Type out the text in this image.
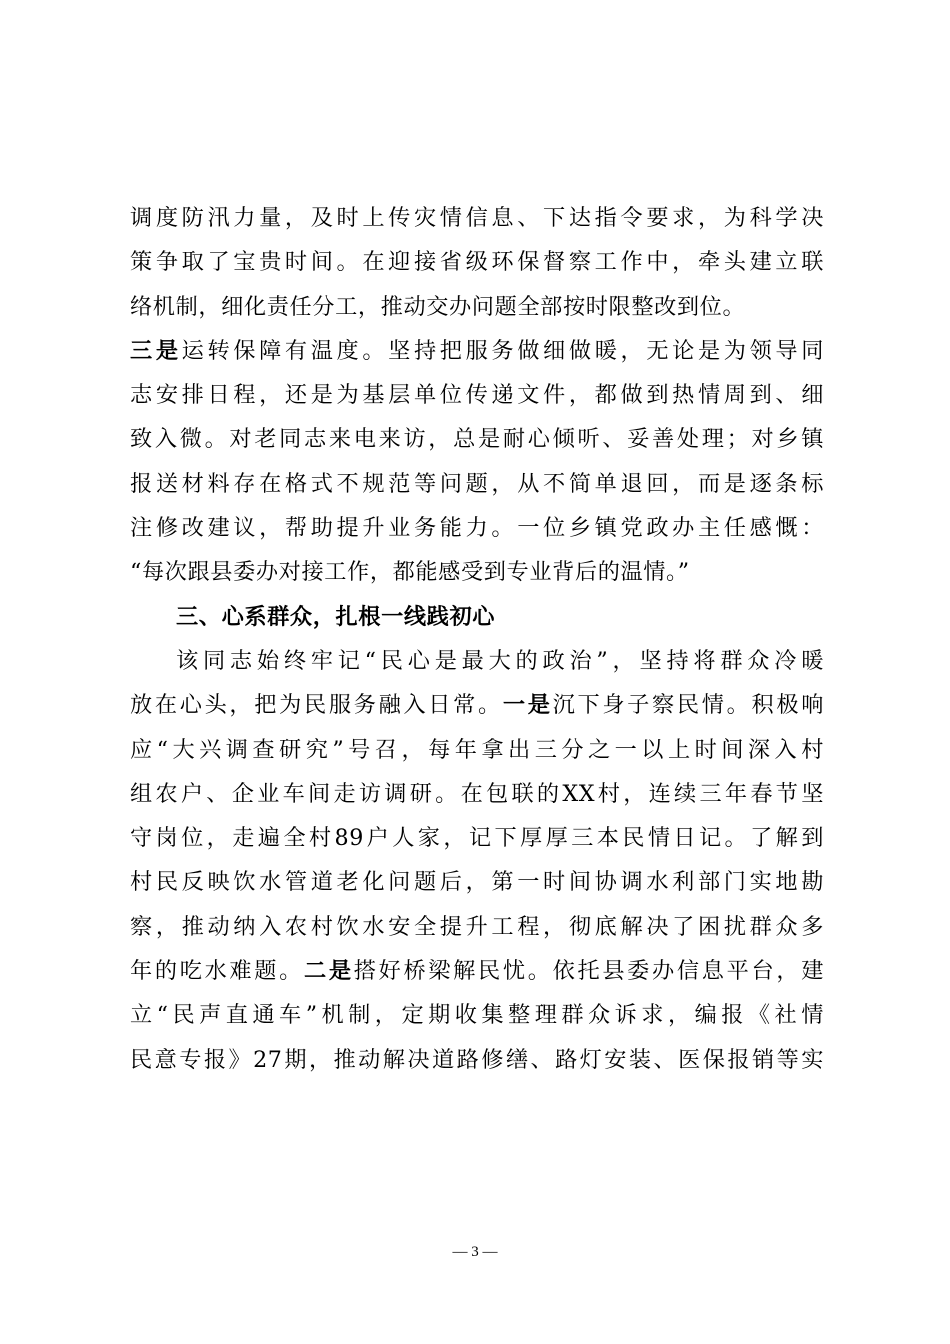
调度防汛力量，及时上传灾情信息、下达指令要求，为科学决
策争取了宝贵时间。在迎接省级环保督察工作中，牵头建立联
络机制，细化责任分工，推动交办问题全部按时限整改到位。
三是运转保障有温度。坚持把服务做细做暖，无论是为领导同
志安排日程，还是为基层单位传递文件，都做到热情周到、细
致入微。对老同志来电来访，总是耐心倾听、妥善处理；对乡镇
报送材料存在格式不规范等问题，从不简单退回，而是逐条标
注修改建议，帮助提升业务能力。一位乡镇党政办主任感慨：
“每次跟县委办对接工作，都能感受到专业背后的温情。”
三、心系群众，扎根一线践初心
该同志始终牢记“民心是最大的政治”，坚持将群众冷暖
放在心头，把为民服务融入日常。一是沉下身子察民情。积极响
应“大兴调查研究”号召，每年拿出三分之一以上时间深入村
组农户、企业车间走访调研。在包联的XX村，连续三年春节坚
守岗位，走遍全村89户人家，记下厚厚三本民情日记。了解到
村民反映饮水管道老化问题后，第一时间协调水利部门实地勘
察，推动纳入农村饮水安全提升工程，彻底解决了困扰群众多
年的吃水难题。二是搭好桥梁解民忧。依托县委办信息平台，建
立“民声直通车”机制，定期收集整理群众诉求，编报《社情
民意专报》27期，推动解决道路修缮、路灯安装、医保报销等实
— 3 —
